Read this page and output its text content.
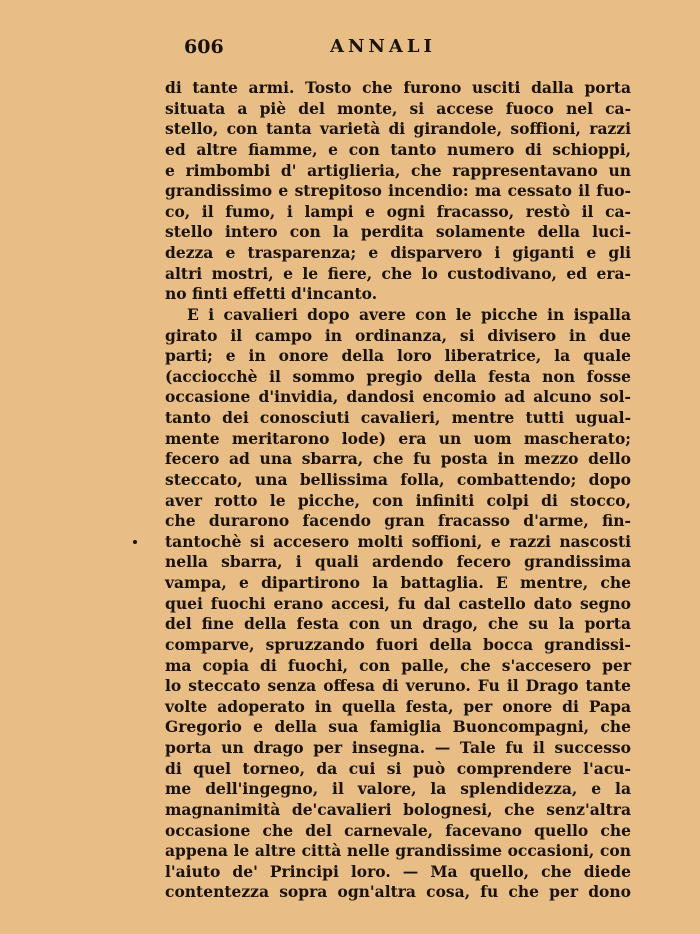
606	ANNALI
di tante armi. Tosto che furono usciti dalla porta
situata a piè del monte, si accese fuoco nel ca-
stello, con tanta varietà di girandole, soffioni, razzi
ed altre fiamme, e con tanto numero di schioppi,
e rimbombi d' artiglieria, che rappresentavano un
grandissimo e strepitoso incendio: ma cessato il fuo-
co, il fumo, i lampi e ogni fracasso, restò il ca-
stello intero con la perdita solamente della luci-
dezza e trasparenza; e disparvero i giganti e gli
altri mostri, e le fiere, che lo custodivano, ed era-
no finti effetti d'incanto.
E i cavalieri dopo avere con le picche in ispalla
girato il campo in ordinanza, si divisero in due
parti; e in onore della loro liberatrice, la quale
(acciocchè il sommo pregio della festa non fosse
occasione d'invidia, dandosi encomio ad alcuno sol-
tanto dei conosciuti cavalieri, mentre tutti ugual-
mente meritarono lode) era un uom mascherato;
fecero ad una sbarra, che fu posta in mezzo dello
steccato, una bellissima folla, combattendo; dopo
aver rotto le picche, con infiniti colpi di stocco,
che durarono facendo gran fracasso d'arme, fin-
tantochè si accesero molti soffioni, e razzi nascosti
nella sbarra, i quali ardendo fecero grandissima
vampa, e dipartirono la battaglia. E mentre, che
quei fuochi erano accesi, fu dal castello dato segno
del fine della festa con un drago, che su la porta
comparve, spruzzando fuori della bocca grandissi-
ma copia di fuochi, con palle, che s'accesero per
lo steccato senza offesa di veruno. Fu il Drago tante
volte adoperato in quella festa, per onore di Papa
Gregorio e della sua famiglia Buoncompagni, che
porta un drago per insegna. — Tale fu il successo
di quel torneo, da cui si può comprendere l'acu-
me dell'ingegno, il valore, la splendidezza, e la
magnanimità de'cavalieri bolognesi, che senz'altra
occasione che del carnevale, facevano quello che
appena le altre città nelle grandissime occasioni, con
l'aiuto de' Principi loro. — Ma quello, che diede
contentezza sopra ogn'altra cosa, fu che per dono
